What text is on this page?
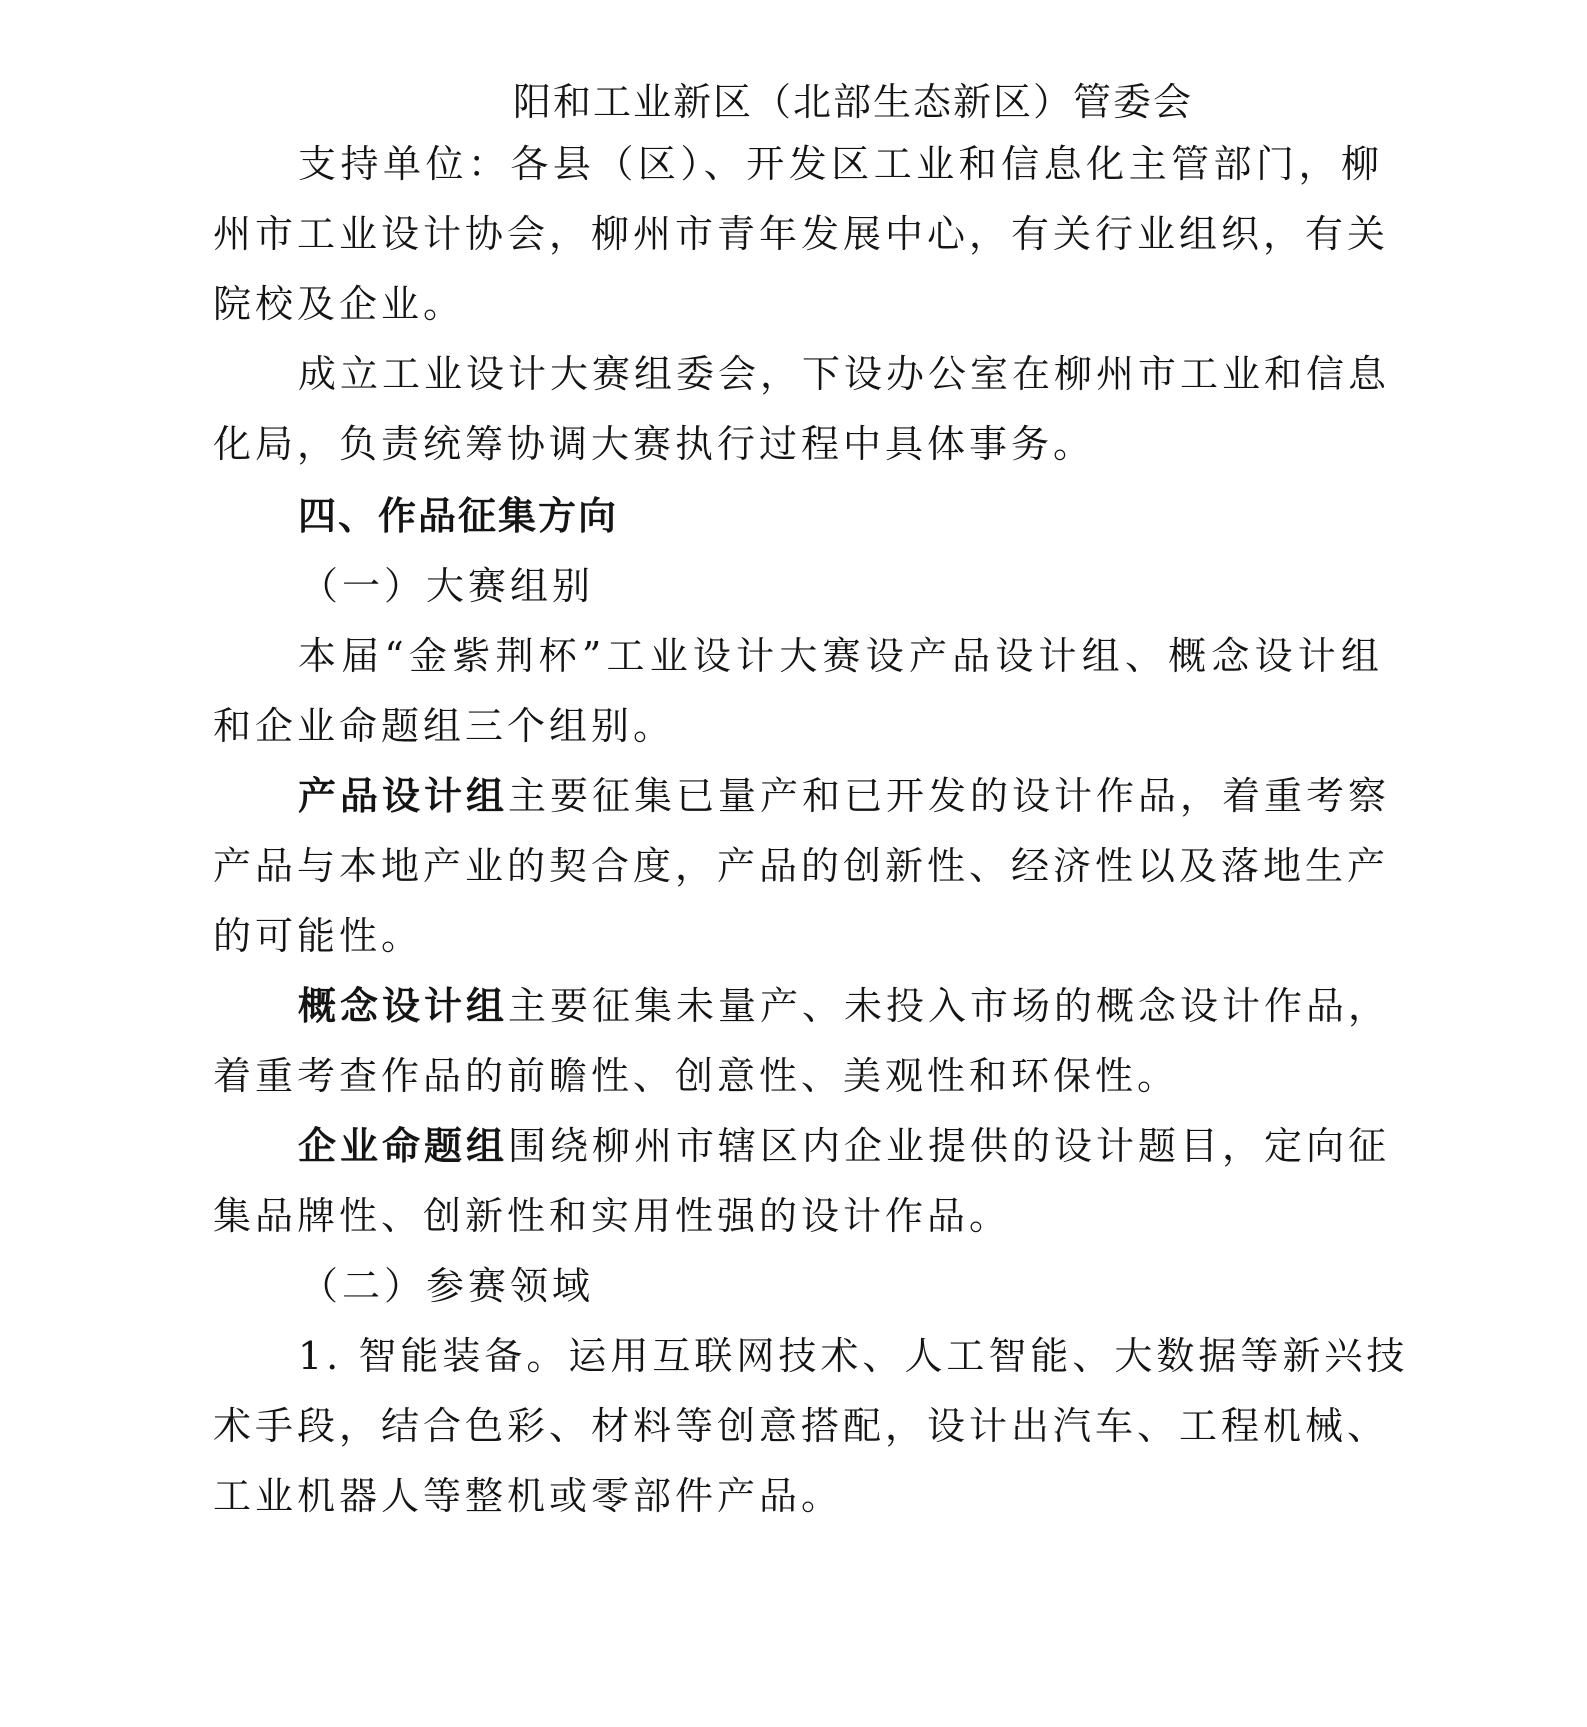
阳和工业新区（北部生态新区）管委会
支持单位：各县（区）、开发区工业和信息化主管部门，柳
州市工业设计协会，柳州市青年发展中心，有关行业组织，有关
院校及企业。
成立工业设计大赛组委会，下设办公室在柳州市工业和信息
化局，负责统筹协调大赛执行过程中具体事务。
四、作品征集方向
（一）大赛组别
本届“金紫荆杯”工业设计大赛设产品设计组、概念设计组
和企业命题组三个组别。
产品设计组主要征集已量产和已开发的设计作品，着重考察
产品与本地产业的契合度，产品的创新性、经济性以及落地生产
的可能性。
概念设计组主要征集未量产、未投入市场的概念设计作品，
着重考查作品的前瞻性、创意性、美观性和环保性。
企业命题组围绕柳州市辖区内企业提供的设计题目，定向征
集品牌性、创新性和实用性强的设计作品。
（二）参赛领域
1. 智能装备。运用互联网技术、人工智能、大数据等新兴技
术手段，结合色彩、材料等创意搭配，设计出汽车、工程机械、
工业机器人等整机或零部件产品。
